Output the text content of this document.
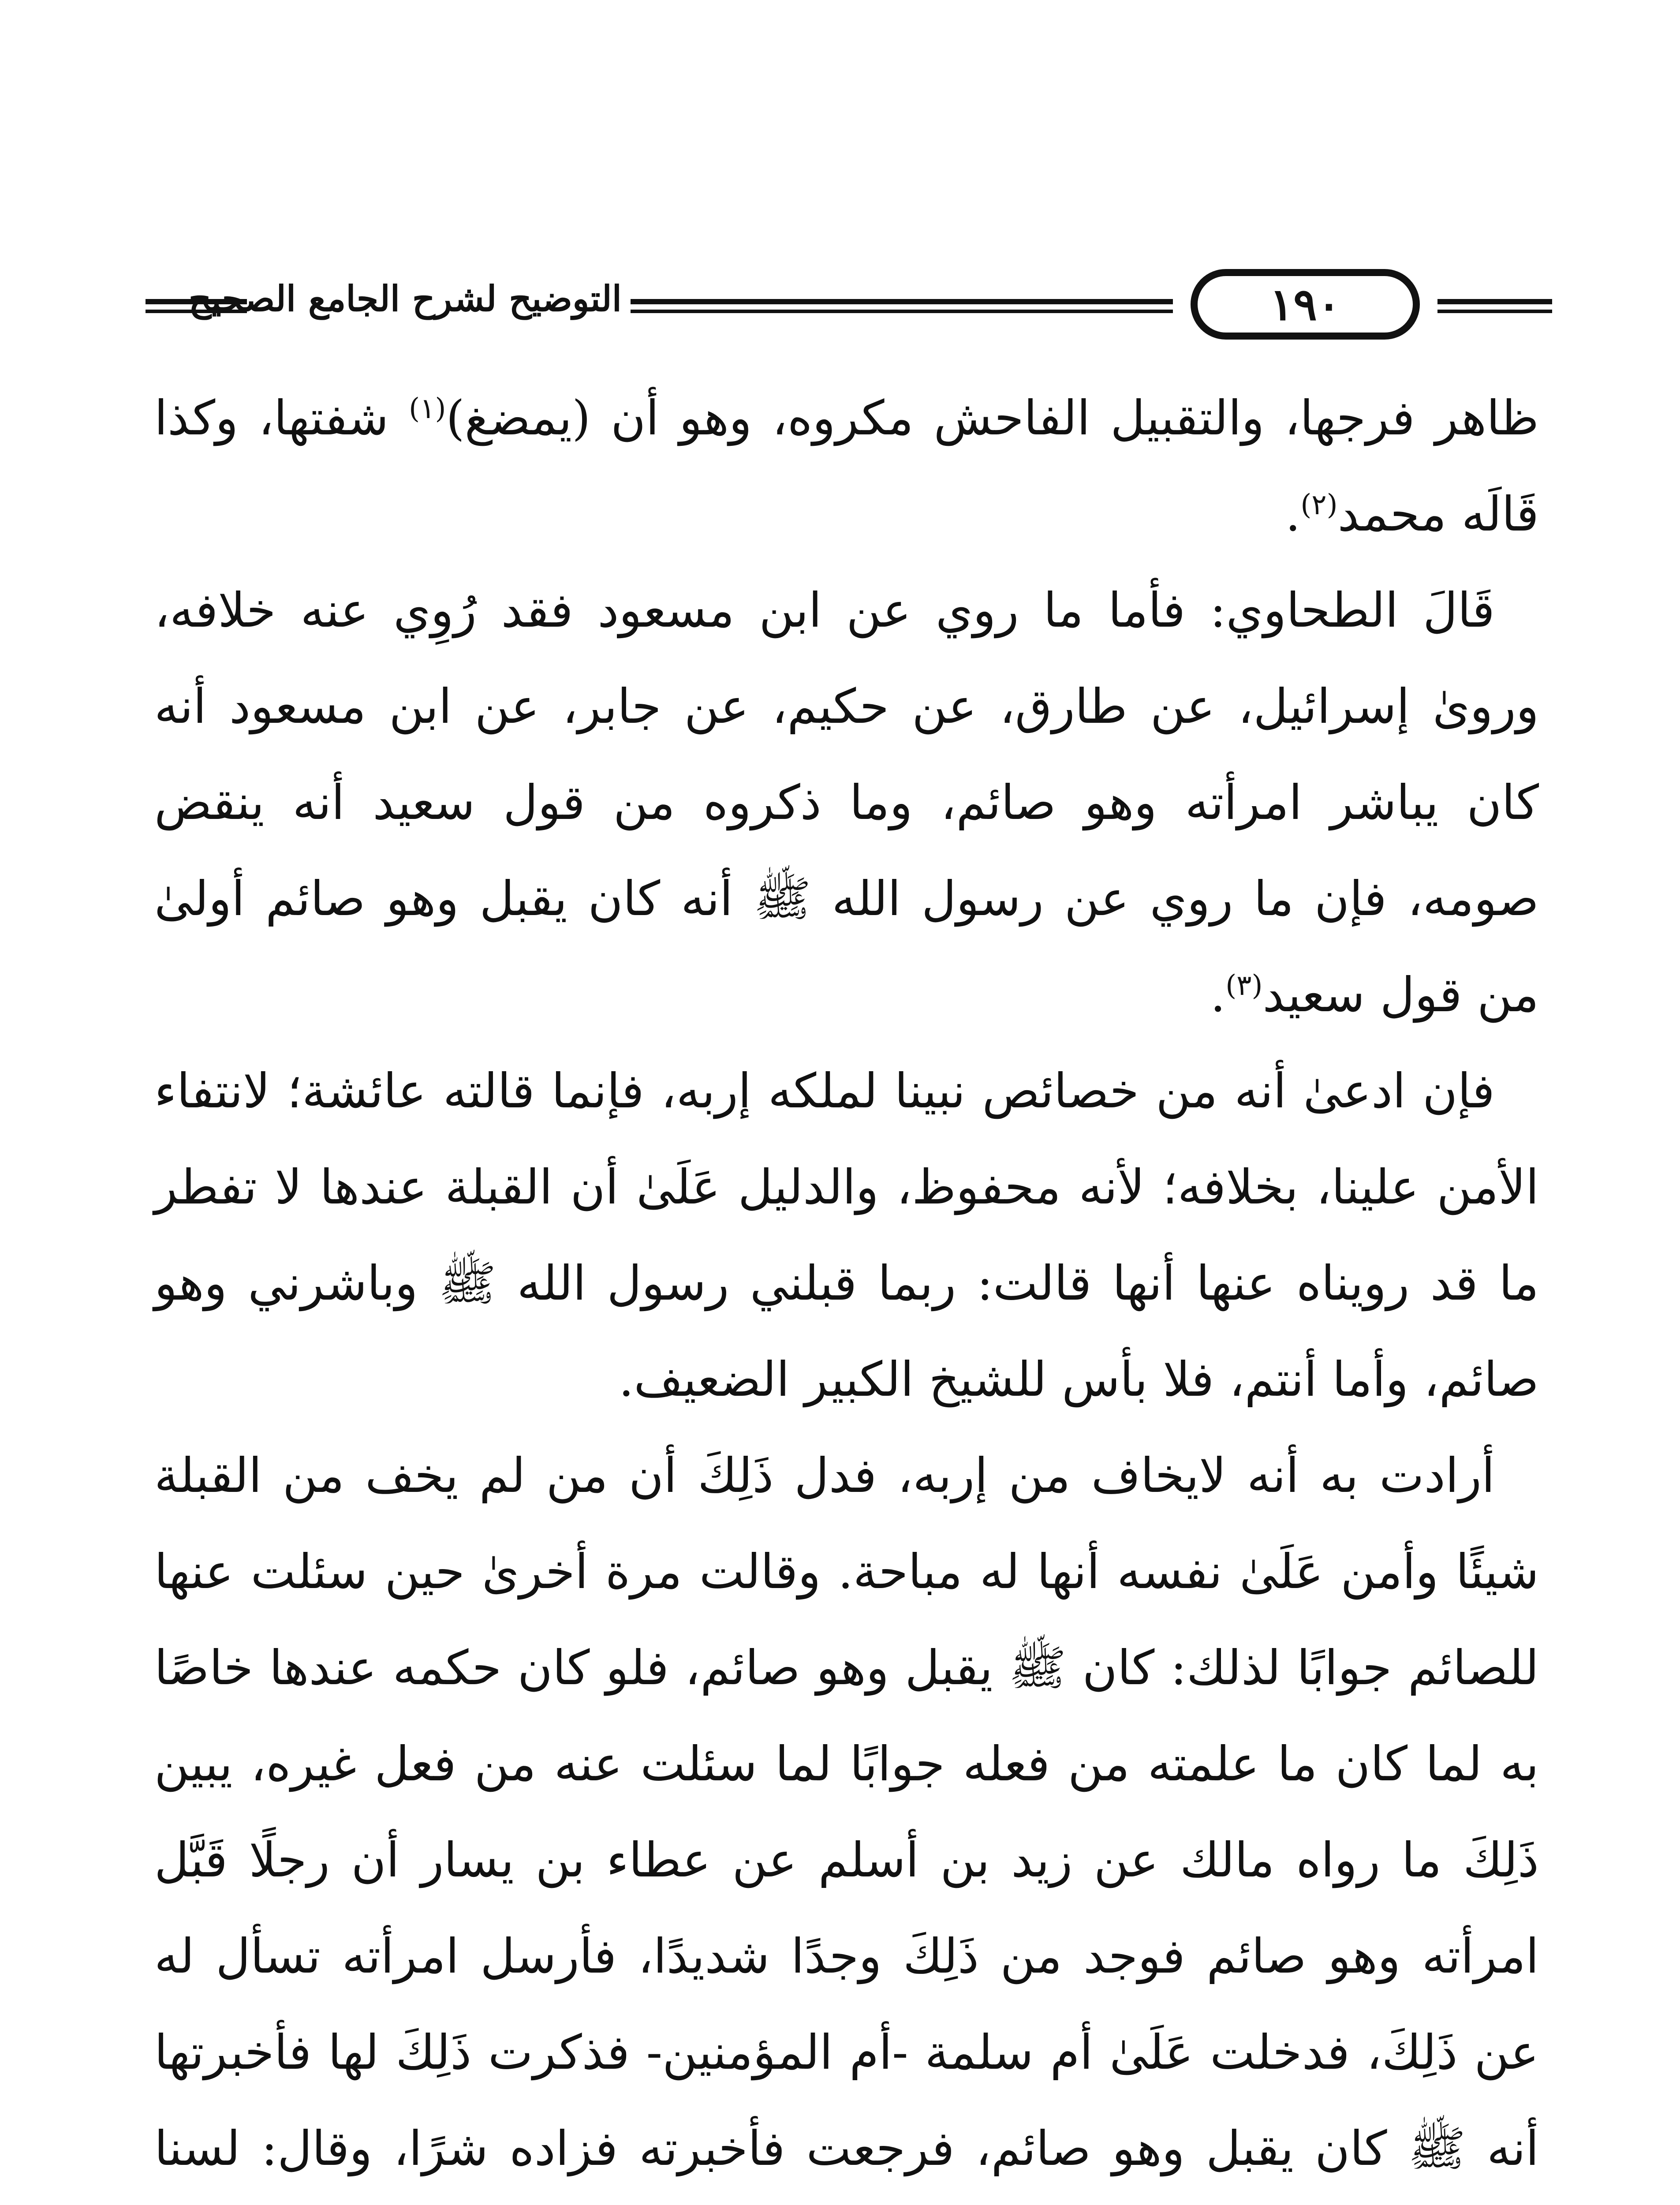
التوضيح لشرح الجامع الصحيح	١٩٠

ظاهر فرجها، والتقبيل الفاحش مكروه، وهو أن (يمضغ)$^{(١)}$ شفتها، وكذا قَالَه محمد$^{(٢)}$.

قَالَ الطحاوي: فأما ما روي عن ابن مسعود فقد رُوِي عنه خلافه، وروىٰ إسرائيل، عن طارق، عن حكيم، عن جابر، عن ابن مسعود أنه كان يباشر امرأته وهو صائم، وما ذكروه من قول سعيد أنه ينقض صومه، فإن ما روي عن رسول الله ﷺ أنه كان يقبل وهو صائم أولىٰ من قول سعيد$^{(٣)}$.

فإن ادعىٰ أنه من خصائص نبينا لملكه إربه، فإنما قالته عائشة؛ لانتفاء الأمن علينا، بخلافه؛ لأنه محفوظ، والدليل عَلَىٰ أن القبلة عندها لا تفطر ما قد رويناه عنها أنها قالت: ربما قبلني رسول الله ﷺ وباشرني وهو صائم، وأما أنتم، فلا بأس للشيخ الكبير الضعيف.

أرادت به أنه لايخاف من إربه، فدل ذَلِكَ أن من لم يخف من القبلة شيئًا وأمن عَلَىٰ نفسه أنها له مباحة. وقالت مرة أخرىٰ حين سئلت عنها للصائم جوابًا لذلك: كان ﷺ يقبل وهو صائم، فلو كان حكمه عندها خاصًا به لما كان ما علمته من فعله جوابًا لما سئلت عنه من فعل غيره، يبين ذَلِكَ ما رواه مالك عن زيد بن أسلم عن عطاء بن يسار أن رجلًا قَبَّل امرأته وهو صائم فوجد من ذَلِكَ وجدًا شديدًا، فأرسل امرأته تسأل له عن ذَلِكَ، فدخلت عَلَىٰ أم سلمة -أم المؤمنين- فذكرت ذَلِكَ لها فأخبرتها أنه ﷺ كان يقبل وهو صائم، فرجعت فأخبرته فزاده شرًا، وقال: لسنا
